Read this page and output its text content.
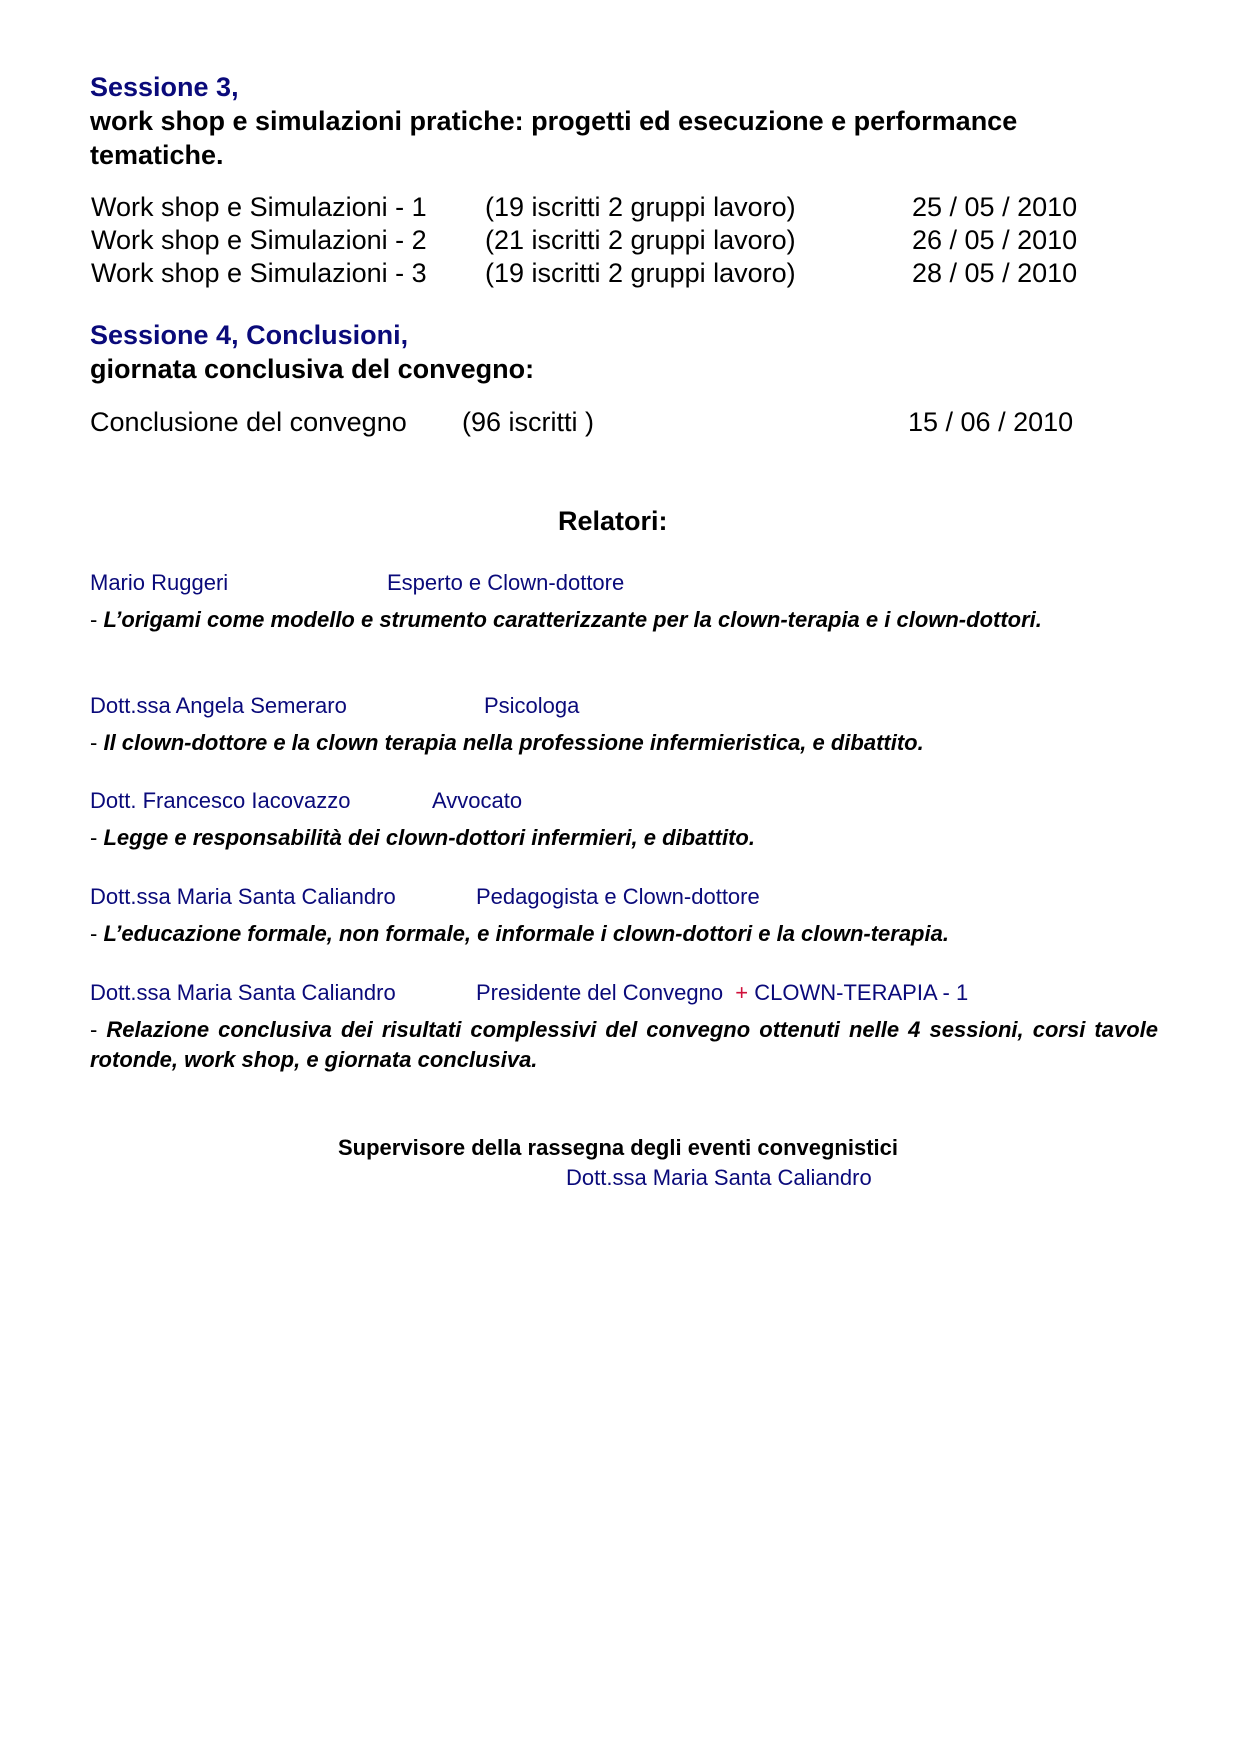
Sessione 3,
work shop e simulazioni pratiche: progetti ed esecuzione e performance
tematiche.
Work shop e Simulazioni - 1 (19 iscritti 2 gruppi lavoro)	25 / 05 / 2010
Work shop e Simulazioni - 2 (21 iscritti 2 gruppi lavoro)	26 / 05 / 2010
Work shop e Simulazioni - 3 (19 iscritti 2 gruppi lavoro)	28 / 05 / 2010
Sessione 4, Conclusioni,
giornata conclusiva del convegno:
Conclusione del convegno (96 iscritti )	15 / 06 / 2010
Relatori:
Mario Ruggeri	Esperto e Clown-dottore
- L’origami come modello e strumento caratterizzante per la clown-terapia e i clown-dottori.
Dott.ssa Angela Semeraro	Psicologa
- Il clown-dottore e la clown terapia nella professione infermieristica, e dibattito.
Dott. Francesco Iacovazzo	Avvocato
- Legge e responsabilità dei clown-dottori infermieri, e dibattito.
Dott.ssa Maria Santa Caliandro	Pedagogista e Clown-dottore
- L’educazione formale, non formale, e informale i clown-dottori e la clown-terapia.
Dott.ssa Maria Santa Caliandro	Presidente del Convegno + CLOWN-TERAPIA - 1
- Relazione conclusiva dei risultati complessivi del convegno ottenuti nelle 4 sessioni, corsi tavole rotonde, work shop, e giornata conclusiva.
Supervisore della rassegna degli eventi convegnistici
Dott.ssa Maria Santa Caliandro
